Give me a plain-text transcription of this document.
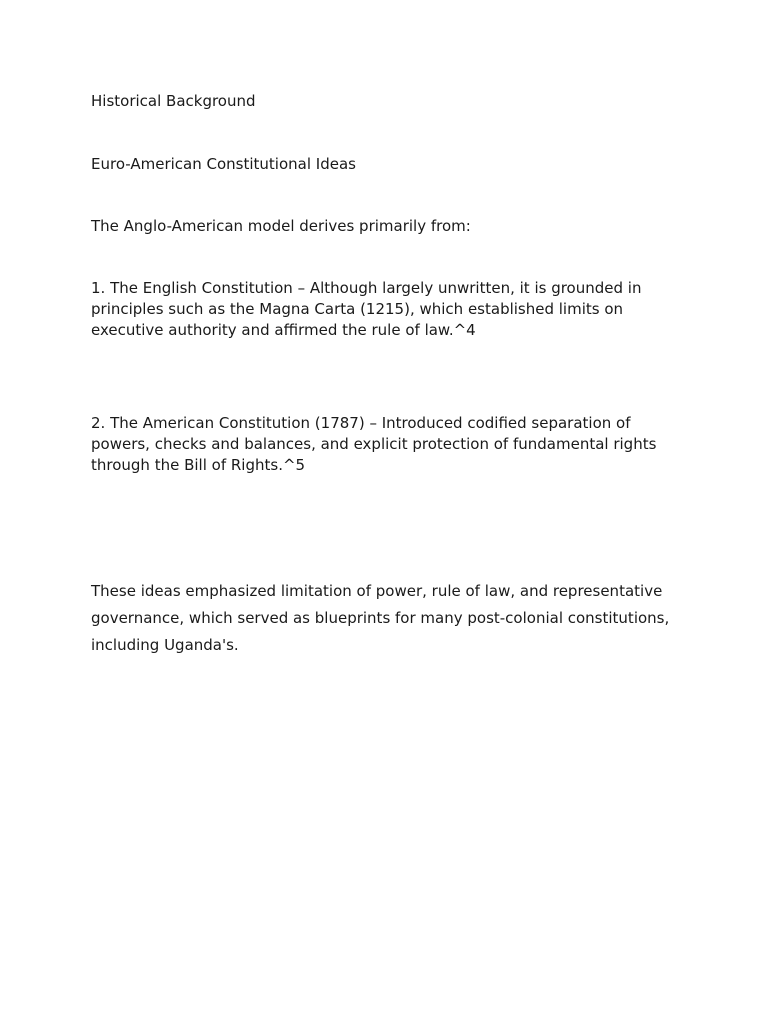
Historical Background

Euro-American Constitutional Ideas

The Anglo-American model derives primarily from:

1. The English Constitution – Although largely unwritten, it is grounded in principles such as the Magna Carta (1215), which established limits on executive authority and affirmed the rule of law.^4

2. The American Constitution (1787) – Introduced codified separation of powers, checks and balances, and explicit protection of fundamental rights through the Bill of Rights.^5

These ideas emphasized limitation of power, rule of law, and representative governance, which served as blueprints for many post-colonial constitutions, including Uganda's.
